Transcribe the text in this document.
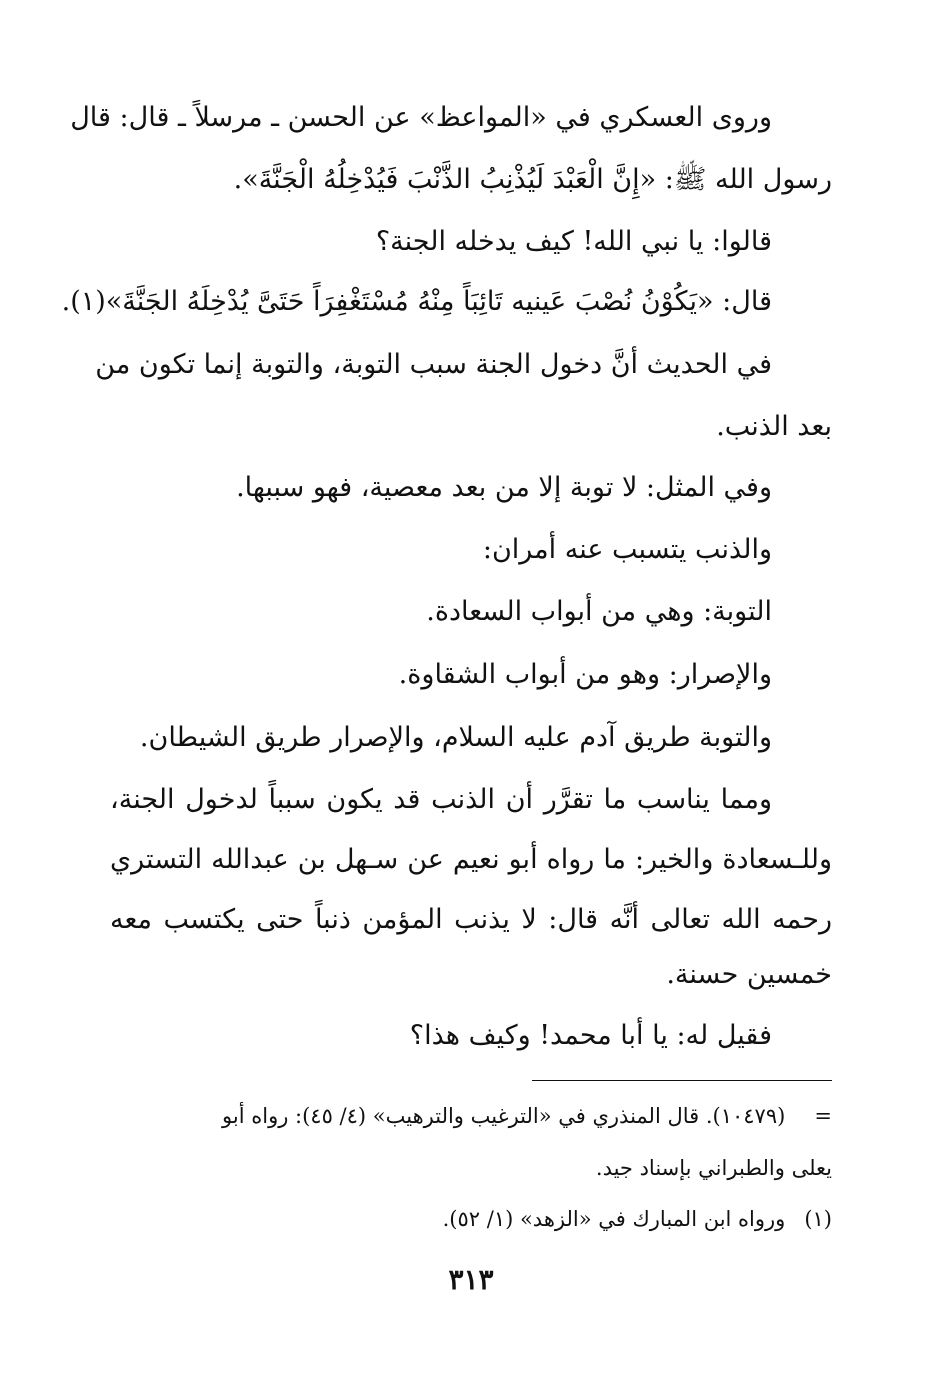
وروى العسكري في «المواعظ» عن الحسن ـ مرسلاً ـ قال: قال
رسول الله ﷺ: «إِنَّ الْعَبْدَ لَيُذْنِبُ الذَّنْبَ فَيُدْخِلُهُ الْجَنَّةَ».
قالوا: يا نبي الله! كيف يدخله الجنة؟
قال: «يَكُوْنُ نُصْبَ عَينيه تَائِبَاً مِنْهُ مُسْتَغْفِرَاً حَتَىَّ يُدْخِلَهُ الجَنَّةَ»(١).
في الحديث أنَّ دخول الجنة سبب التوبة، والتوبة إنما تكون من
بعد الذنب.
وفي المثل: لا توبة إلا من بعد معصية، فهو سببها.
والذنب يتسبب عنه أمران:
التوبة: وهي من أبواب السعادة.
والإصرار: وهو من أبواب الشقاوة.
والتوبة طريق آدم عليه السلام، والإصرار طريق الشيطان.
ومما يناسب ما تقرَّر أن الذنب قد يكون سبباً لدخول الجنة،
وللـسعادة والخير: ما رواه أبو نعيم عن سـهل بن عبدالله التستري
رحمه الله تعالى أنَّه قال: لا يذنب المؤمن ذنباً حتى يكتسب معه
خمسين حسنة.
فقيل له: يا أبا محمد! وكيف هذا؟
= (١٠٤٧٩). قال المنذري في «الترغيب والترهيب» (٤/ ٤٥): رواه أبو
يعلى والطبراني بإسناد جيد.
(١) ورواه ابن المبارك في «الزهد» (١/ ٥٢).
٣١٣
